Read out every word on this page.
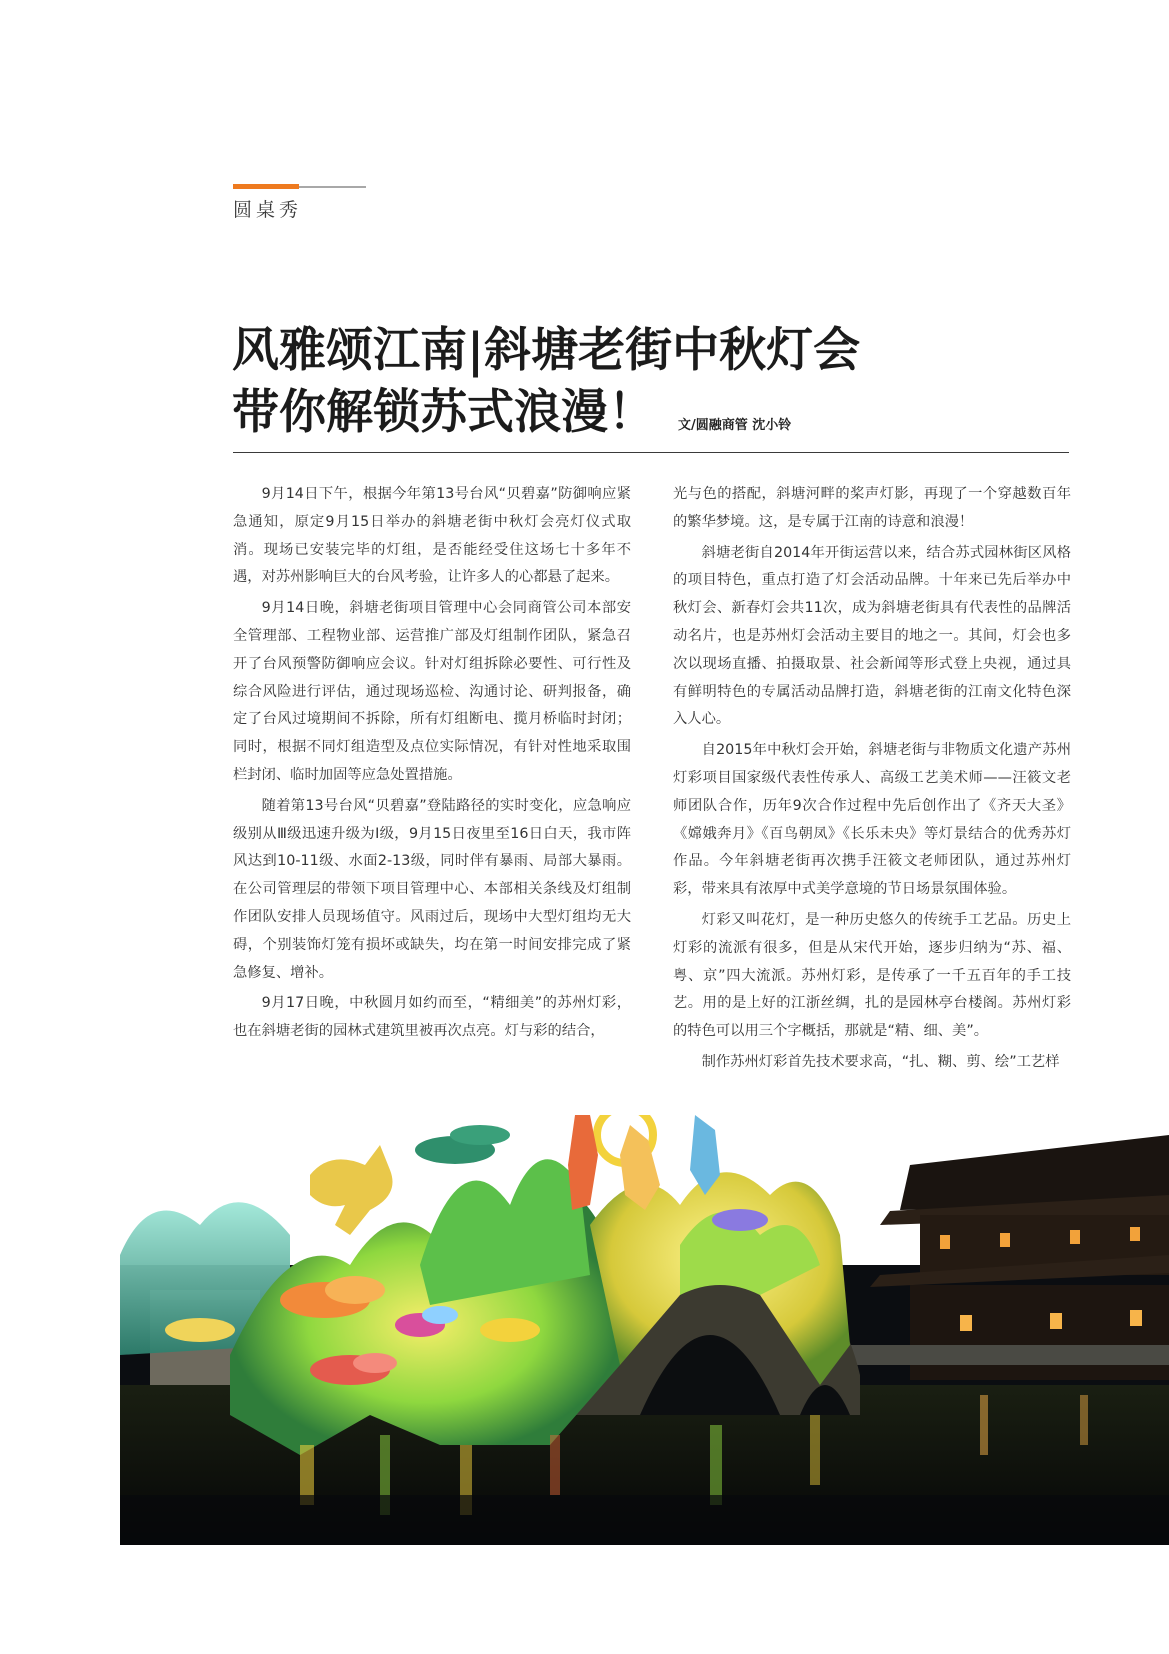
圆桌秀
风雅颂江南|斜塘老街中秋灯会
带你解锁苏式浪漫！	文/圆融商管 沈小铃

9月14日下午，根据今年第13号台风“贝碧嘉”防御响应紧急通知，原定9月15日举办的斜塘老街中秋灯会亮灯仪式取消。现场已安装完毕的灯组，是否能经受住这场七十多年不遇，对苏州影响巨大的台风考验，让许多人的心都悬了起来。

9月14日晚，斜塘老街项目管理中心会同商管公司本部安全管理部、工程物业部、运营推广部及灯组制作团队，紧急召开了台风预警防御响应会议。针对灯组拆除必要性、可行性及综合风险进行评估，通过现场巡检、沟通讨论、研判报备，确定了台风过境期间不拆除，所有灯组断电、揽月桥临时封闭；同时，根据不同灯组造型及点位实际情况，有针对性地采取围栏封闭、临时加固等应急处置措施。

随着第13号台风“贝碧嘉”登陆路径的实时变化，应急响应级别从Ⅲ级迅速升级为Ⅰ级，9月15日夜里至16日白天，我市阵风达到10-11级、水面2-13级，同时伴有暴雨、局部大暴雨。在公司管理层的带领下项目管理中心、本部相关条线及灯组制作团队安排人员现场值守。风雨过后，现场中大型灯组均无大碍，个别装饰灯笼有损坏或缺失，均在第一时间安排完成了紧急修复、增补。

9月17日晚，中秋圆月如约而至，“精细美”的苏州灯彩，也在斜塘老街的园林式建筑里被再次点亮。灯与彩的结合，

光与色的搭配，斜塘河畔的桨声灯影，再现了一个穿越数百年的繁华梦境。这，是专属于江南的诗意和浪漫！

斜塘老街自2014年开街运营以来，结合苏式园林街区风格的项目特色，重点打造了灯会活动品牌。十年来已先后举办中秋灯会、新春灯会共11次，成为斜塘老街具有代表性的品牌活动名片，也是苏州灯会活动主要目的地之一。其间，灯会也多次以现场直播、拍摄取景、社会新闻等形式登上央视，通过具有鲜明特色的专属活动品牌打造，斜塘老街的江南文化特色深入人心。

自2015年中秋灯会开始，斜塘老街与非物质文化遗产苏州灯彩项目国家级代表性传承人、高级工艺美术师——汪筱文老师团队合作，历年9次合作过程中先后创作出了《齐天大圣》《嫦娥奔月》《百鸟朝凤》《长乐未央》等灯景结合的优秀苏灯作品。今年斜塘老街再次携手汪筱文老师团队，通过苏州灯彩，带来具有浓厚中式美学意境的节日场景氛围体验。

灯彩又叫花灯，是一种历史悠久的传统手工艺品。历史上灯彩的流派有很多，但是从宋代开始，逐步归纳为“苏、福、粤、京”四大流派。苏州灯彩，是传承了一千五百年的手工技艺。用的是上好的江浙丝绸，扎的是园林亭台楼阁。苏州灯彩的特色可以用三个字概括，那就是“精、细、美”。

制作苏州灯彩首先技术要求高，“扎、糊、剪、绘”工艺样
